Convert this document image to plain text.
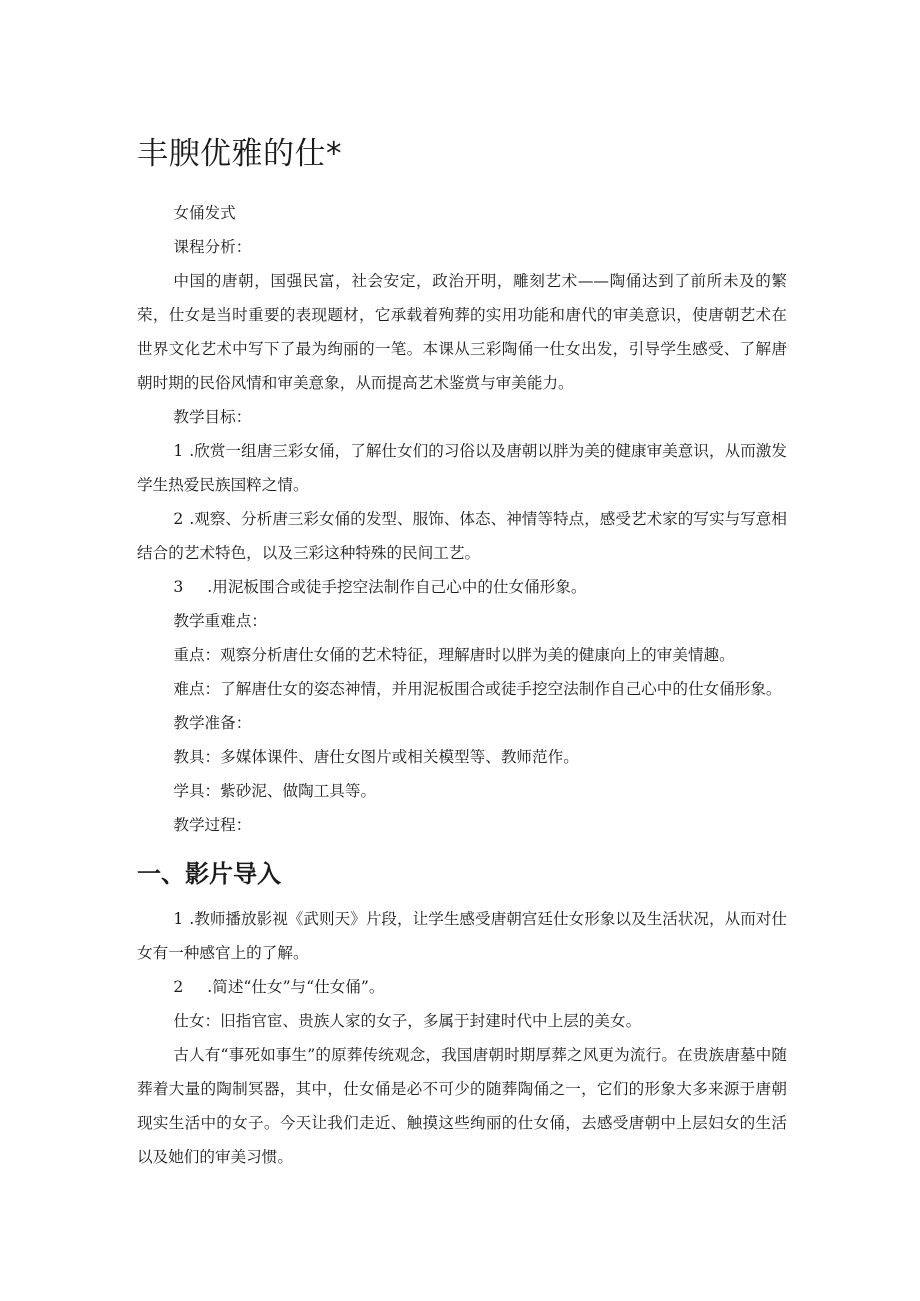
丰腴优雅的仕*

女俑发式

课程分析：

中国的唐朝，国强民富，社会安定，政治开明，雕刻艺术——陶俑达到了前所未及的繁荣，仕女是当时重要的表现题材，它承载着殉葬的实用功能和唐代的审美意识，使唐朝艺术在世界文化艺术中写下了最为绚丽的一笔。本课从三彩陶俑一仕女出发，引导学生感受、了解唐朝时期的民俗风情和审美意象，从而提高艺术鉴赏与审美能力。

教学目标：

1 .欣赏一组唐三彩女俑，了解仕女们的习俗以及唐朝以胖为美的健康审美意识，从而激发学生热爱民族国粹之情。

2 .观察、分析唐三彩女俑的发型、服饰、体态、神情等特点，感受艺术家的写实与写意相结合的艺术特色，以及三彩这种特殊的民间工艺。

3 .用泥板围合或徒手挖空法制作自己心中的仕女俑形象。

教学重难点：

重点：观察分析唐仕女俑的艺术特征，理解唐时以胖为美的健康向上的审美情趣。

难点：了解唐仕女的姿态神情，并用泥板围合或徒手挖空法制作自己心中的仕女俑形象。

教学准备：

教具：多媒体课件、唐仕女图片或相关模型等、教师范作。

学具：紫砂泥、做陶工具等。

教学过程：

一、影片导入

1 .教师播放影视《武则天》片段，让学生感受唐朝宫廷仕女形象以及生活状况，从而对仕女有一种感官上的了解。

2 .简述“仕女”与“仕女俑”。

仕女：旧指官宦、贵族人家的女子，多属于封建时代中上层的美女。

古人有“事死如事生”的原葬传统观念，我国唐朝时期厚葬之风更为流行。在贵族唐墓中随葬着大量的陶制冥器，其中，仕女俑是必不可少的随葬陶俑之一，它们的形象大多来源于唐朝现实生活中的女子。今天让我们走近、触摸这些绚丽的仕女俑，去感受唐朝中上层妇女的生活以及她们的审美习惯。
